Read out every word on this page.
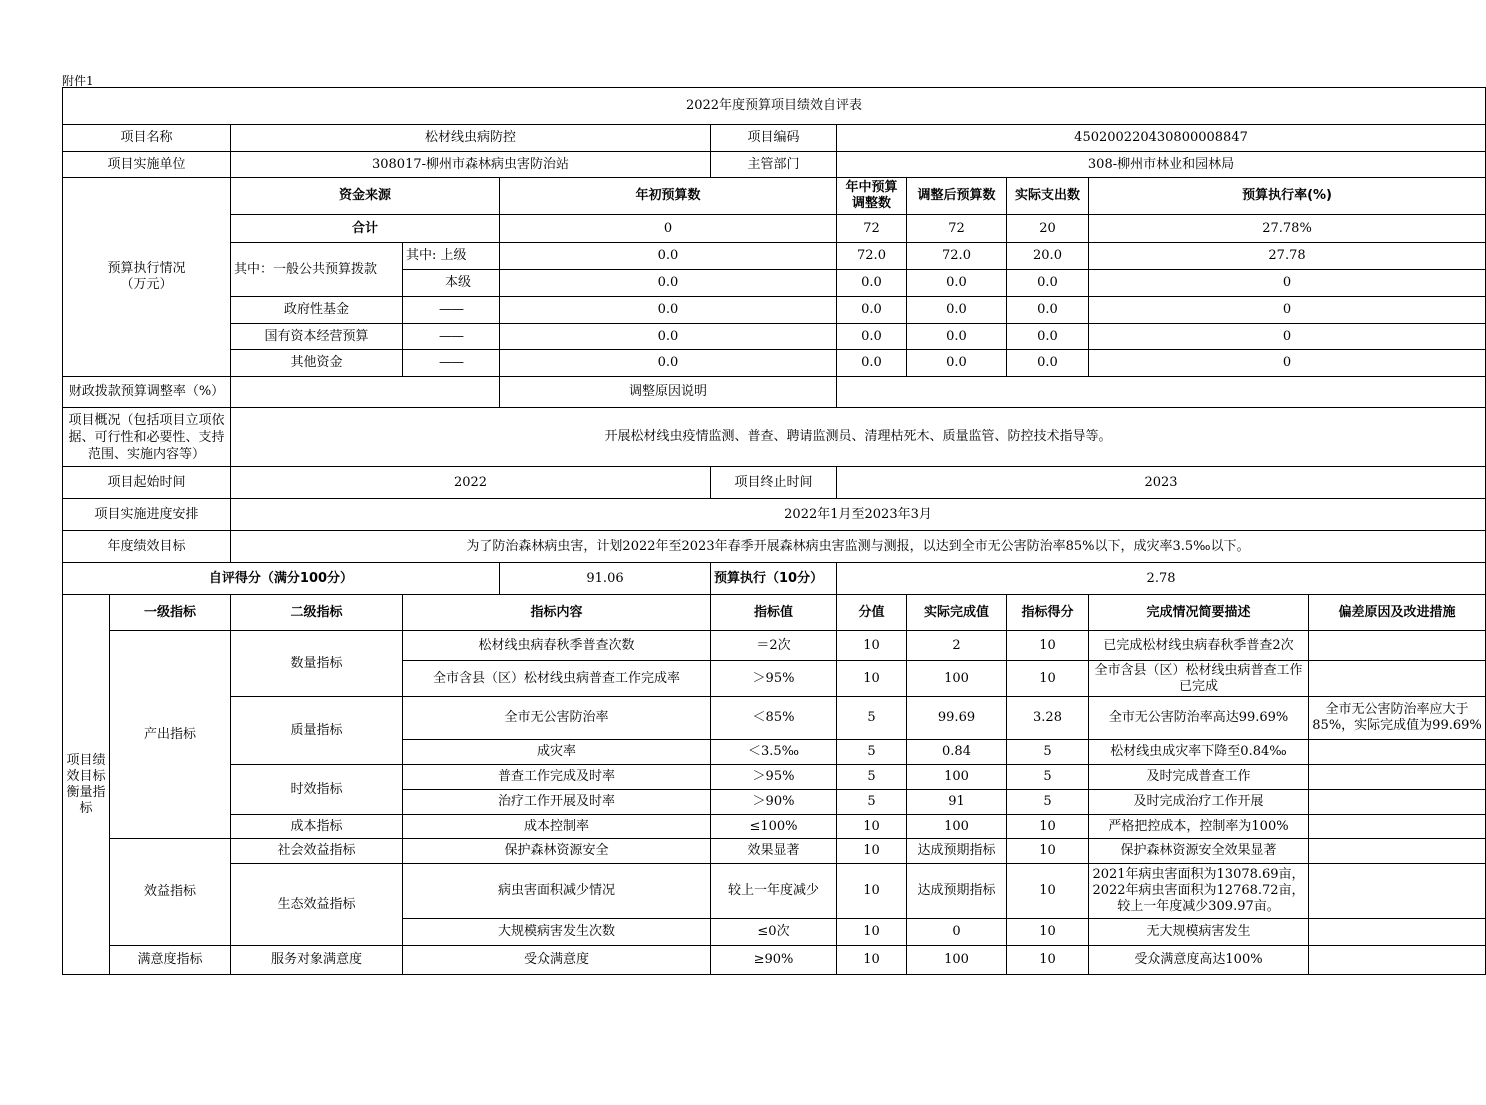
附件1
2022年度预算项目绩效自评表										
项目名称		松材线虫病防控			项目编码	450200220430800008847				
项目实施单位		308017-柳州市森林病虫害防治站			主管部门	308-柳州市林业和园林局				
预算执行情况
（万元）		资金来源		年初预算数		年中预算调整数	调整后预算数	实际支出数	预算执行率(%)	
		合计		0		72	72	20	27.78%	
		其中：一般公共预算拨款	其中: 上级	0.0		72.0	72.0	20.0	27.78	
			本级	0.0		0.0	0.0	0.0	0	
		政府性基金	——	0.0		0.0	0.0	0.0	0	
		国有资本经营预算	——	0.0		0.0	0.0	0.0	0	
		其他资金	——	0.0		0.0	0.0	0.0	0	
财政拨款预算调整率（%）				调整原因说明						
项目概况（包括项目立项依据、可行性和必要性、支持范围、实施内容等）		开展松材线虫疫情监测、普查、聘请监测员、清理枯死木、质量监管、防控技术指导等。								
项目起始时间		2022			项目终止时间	2023				
项目实施进度安排		2022年1月至2023年3月								
年度绩效目标		为了防治森林病虫害，计划2022年至2023年春季开展森林病虫害监测与测报，以达到全市无公害防治率85%以下，成灾率3.5‰以下。								
自评得分（满分100分）				91.06	预算执行（10分）	2.78				
项目绩效目标衡量指标	一级指标	二级指标	指标内容		指标值	分值	实际完成值	指标得分	完成情况简要描述	偏差原因及改进措施
	产出指标	数量指标	松材线虫病春秋季普查次数		＝2次	10	2	10	已完成松材线虫病春秋季普查2次	
			全市含县（区）松材线虫病普查工作完成率		＞95%	10	100	10	全市含县（区）松材线虫病普查工作已完成	
		质量指标	全市无公害防治率		＜85%	5	99.69	3.28	全市无公害防治率高达99.69%	全市无公害防治率应大于85%，实际完成值为99.69%
			成灾率		＜3.5‰	5	0.84	5	松材线虫成灾率下降至0.84‰	
		时效指标	普查工作完成及时率		＞95%	5	100	5	及时完成普查工作	
			治疗工作开展及时率		＞90%	5	91	5	及时完成治疗工作开展	
		成本指标	成本控制率		≤100%	10	100	10	严格把控成本，控制率为100%	
	效益指标	社会效益指标	保护森林资源安全		效果显著	10	达成预期指标	10	保护森林资源安全效果显著	
		生态效益指标	病虫害面积减少情况		较上一年度减少	10	达成预期指标	10	2021年病虫害面积为13078.69亩，2022年病虫害面积为12768.72亩，较上一年度减少309.97亩。	
			大规模病害发生次数		≤0次	10	0	10	无大规模病害发生	
	满意度指标	服务对象满意度	受众满意度		≥90%	10	100	10	受众满意度高达100%	
